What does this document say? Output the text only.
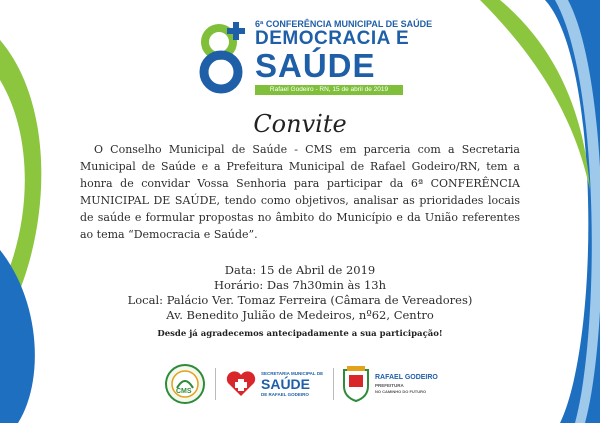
6ª CONFERÊNCIA MUNICIPAL DE SAÚDE
DEMOCRACIA E
SAÚDE
Rafael Godeiro - RN, 15 de abril de 2019
Convite
O Conselho Municipal de Saúde - CMS em parceria com a Secretaria Municipal de Saúde e a Prefeitura Municipal de Rafael Godeiro/RN, tem a honra de convidar Vossa Senhoria para participar da 6ª CONFERÊNCIA MUNICIPAL DE SAÚDE, tendo como objetivos, analisar as prioridades locais de saúde e formular propostas no âmbito do Município e da União referentes ao tema “Democracia e Saúde”.
Data: 15 de Abril de 2019
Horário: Das 7h30min às 13h
Local: Palácio Ver. Tomaz Ferreira (Câmara de Vereadores)
Av. Benedito Julião de Medeiros, nº62, Centro
Desde já agradecemos antecipadamente a sua participação!
CMS
SECRETARIA MUNICIPAL DE
SAÚDE
DE RAFAEL GODEIRO
RAFAEL GODEIRO
PREFEITURA
NO CAMINHO DO FUTURO
